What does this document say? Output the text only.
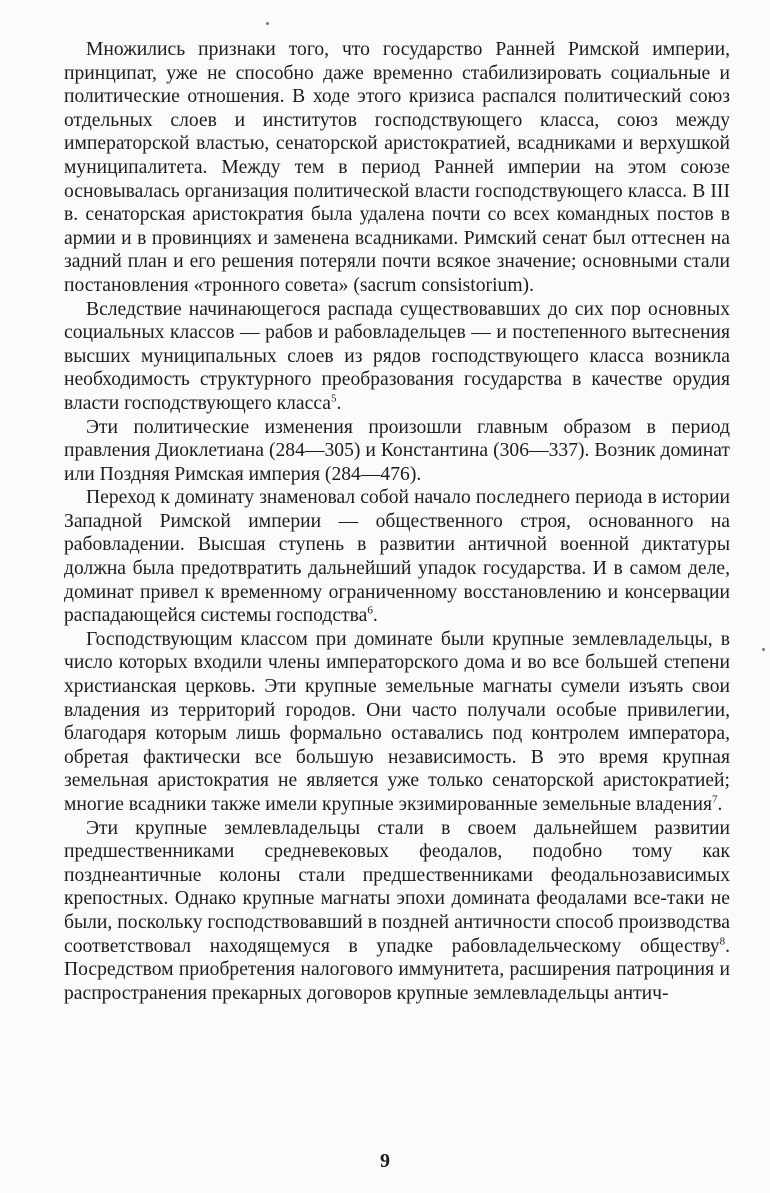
Множились признаки того, что государство Ранней Римской империи, принципат, уже не способно даже временно стабилизировать социальные и политические отношения. В ходе этого кризиса распался политический союз отдельных слоев и институтов господствующего класса, союз между императорской властью, сенаторской аристократией, всадниками и верхушкой муниципалитета. Между тем в период Ранней империи на этом союзе основывалась организация политической власти господствующего класса. В III в. сенаторская аристократия была удалена почти со всех командных постов в армии и в провинциях и заменена всадниками. Римский сенат был оттеснен на задний план и его решения потеряли почти всякое значение; основными стали постановления «тронного совета» (sacrum consistorium).

Вследствие начинающегося распада существовавших до сих пор основных социальных классов — рабов и рабовладельцев — и постепенного вытеснения высших муниципальных слоев из рядов господствующего класса возникла необходимость структурного преобразования государства в качестве орудия власти господствующего класса$^5$.

Эти политические изменения произошли главным образом в период правления Диоклетиана (284—305) и Константина (306—337). Возник доминат или Поздняя Римская империя (284—476).

Переход к доминату знаменовал собой начало последнего периода в истории Западной Римской империи — общественного строя, основанного на рабовладении. Высшая ступень в развитии античной военной диктатуры должна была предотвратить дальнейший упадок государства. И в самом деле, доминат привел к временному ограниченному восстановлению и консервации распадающейся системы господства$^6$.

Господствующим классом при доминате были крупные землевладельцы, в число которых входили члены императорского дома и во все большей степени христианская церковь. Эти крупные земельные магнаты сумели изъять свои владения из территорий городов. Они часто получали особые привилегии, благодаря которым лишь формально оставались под контролем императора, обретая фактически все большую независимость. В это время крупная земельная аристократия не является уже только сенаторской аристократией; многие всадники также имели крупные экзимированные земельные владения$^7$.

Эти крупные землевладельцы стали в своем дальнейшем развитии предшественниками средневековых феодалов, подобно тому как позднеантичные колоны стали предшественниками феодальнозависимых крепостных. Однако крупные магнаты эпохи домината феодалами все-таки не были, поскольку господствовавший в поздней античности способ производства соответствовал находящемуся в упадке рабовладельческому обществу$^8$. Посредством приобретения налогового иммунитета, расширения патроциния и распространения прекарных договоров крупные землевладельцы антич-

9
